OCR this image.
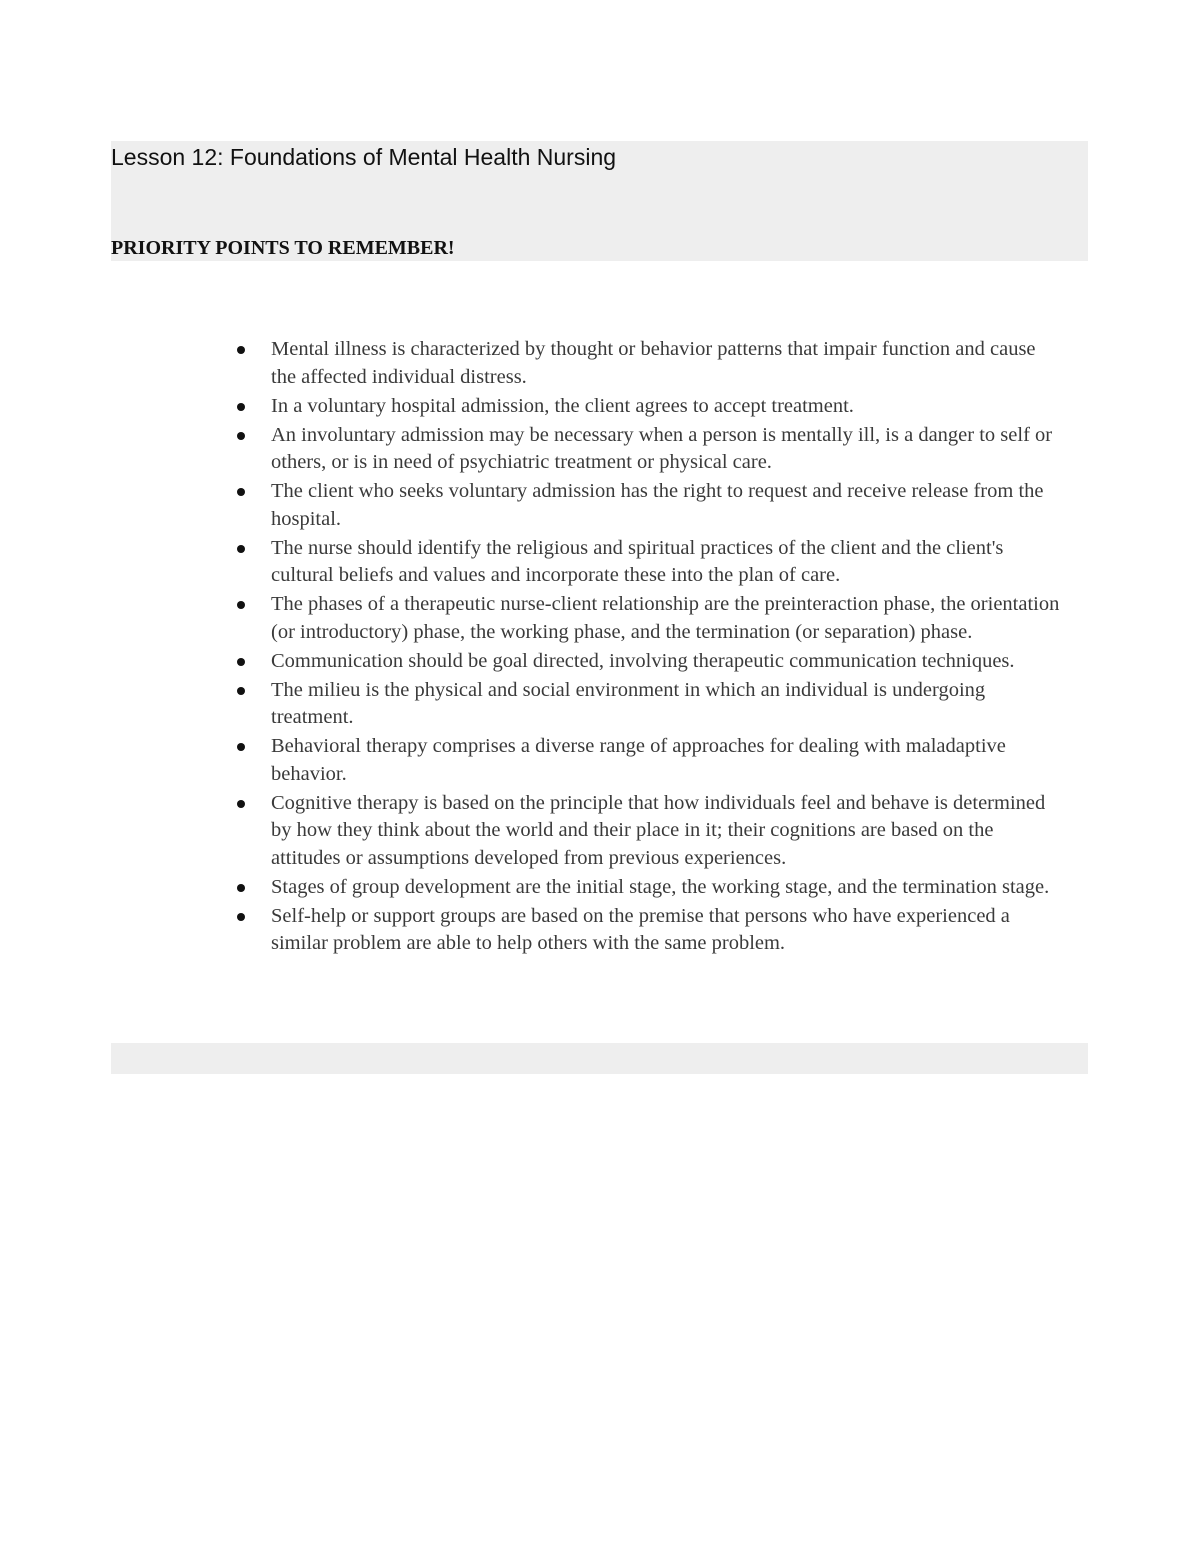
Lesson 12: Foundations of Mental Health Nursing
PRIORITY POINTS TO REMEMBER!
Mental illness is characterized by thought or behavior patterns that impair function and cause the affected individual distress.
In a voluntary hospital admission, the client agrees to accept treatment.
An involuntary admission may be necessary when a person is mentally ill, is a danger to self or others, or is in need of psychiatric treatment or physical care.
The client who seeks voluntary admission has the right to request and receive release from the hospital.
The nurse should identify the religious and spiritual practices of the client and the client's cultural beliefs and values and incorporate these into the plan of care.
The phases of a therapeutic nurse-client relationship are the preinteraction phase, the orientation (or introductory) phase, the working phase, and the termination (or separation) phase.
Communication should be goal directed, involving therapeutic communication techniques.
The milieu is the physical and social environment in which an individual is undergoing treatment.
Behavioral therapy comprises a diverse range of approaches for dealing with maladaptive behavior.
Cognitive therapy is based on the principle that how individuals feel and behave is determined by how they think about the world and their place in it; their cognitions are based on the attitudes or assumptions developed from previous experiences.
Stages of group development are the initial stage, the working stage, and the termination stage.
Self-help or support groups are based on the premise that persons who have experienced a similar problem are able to help others with the same problem.
